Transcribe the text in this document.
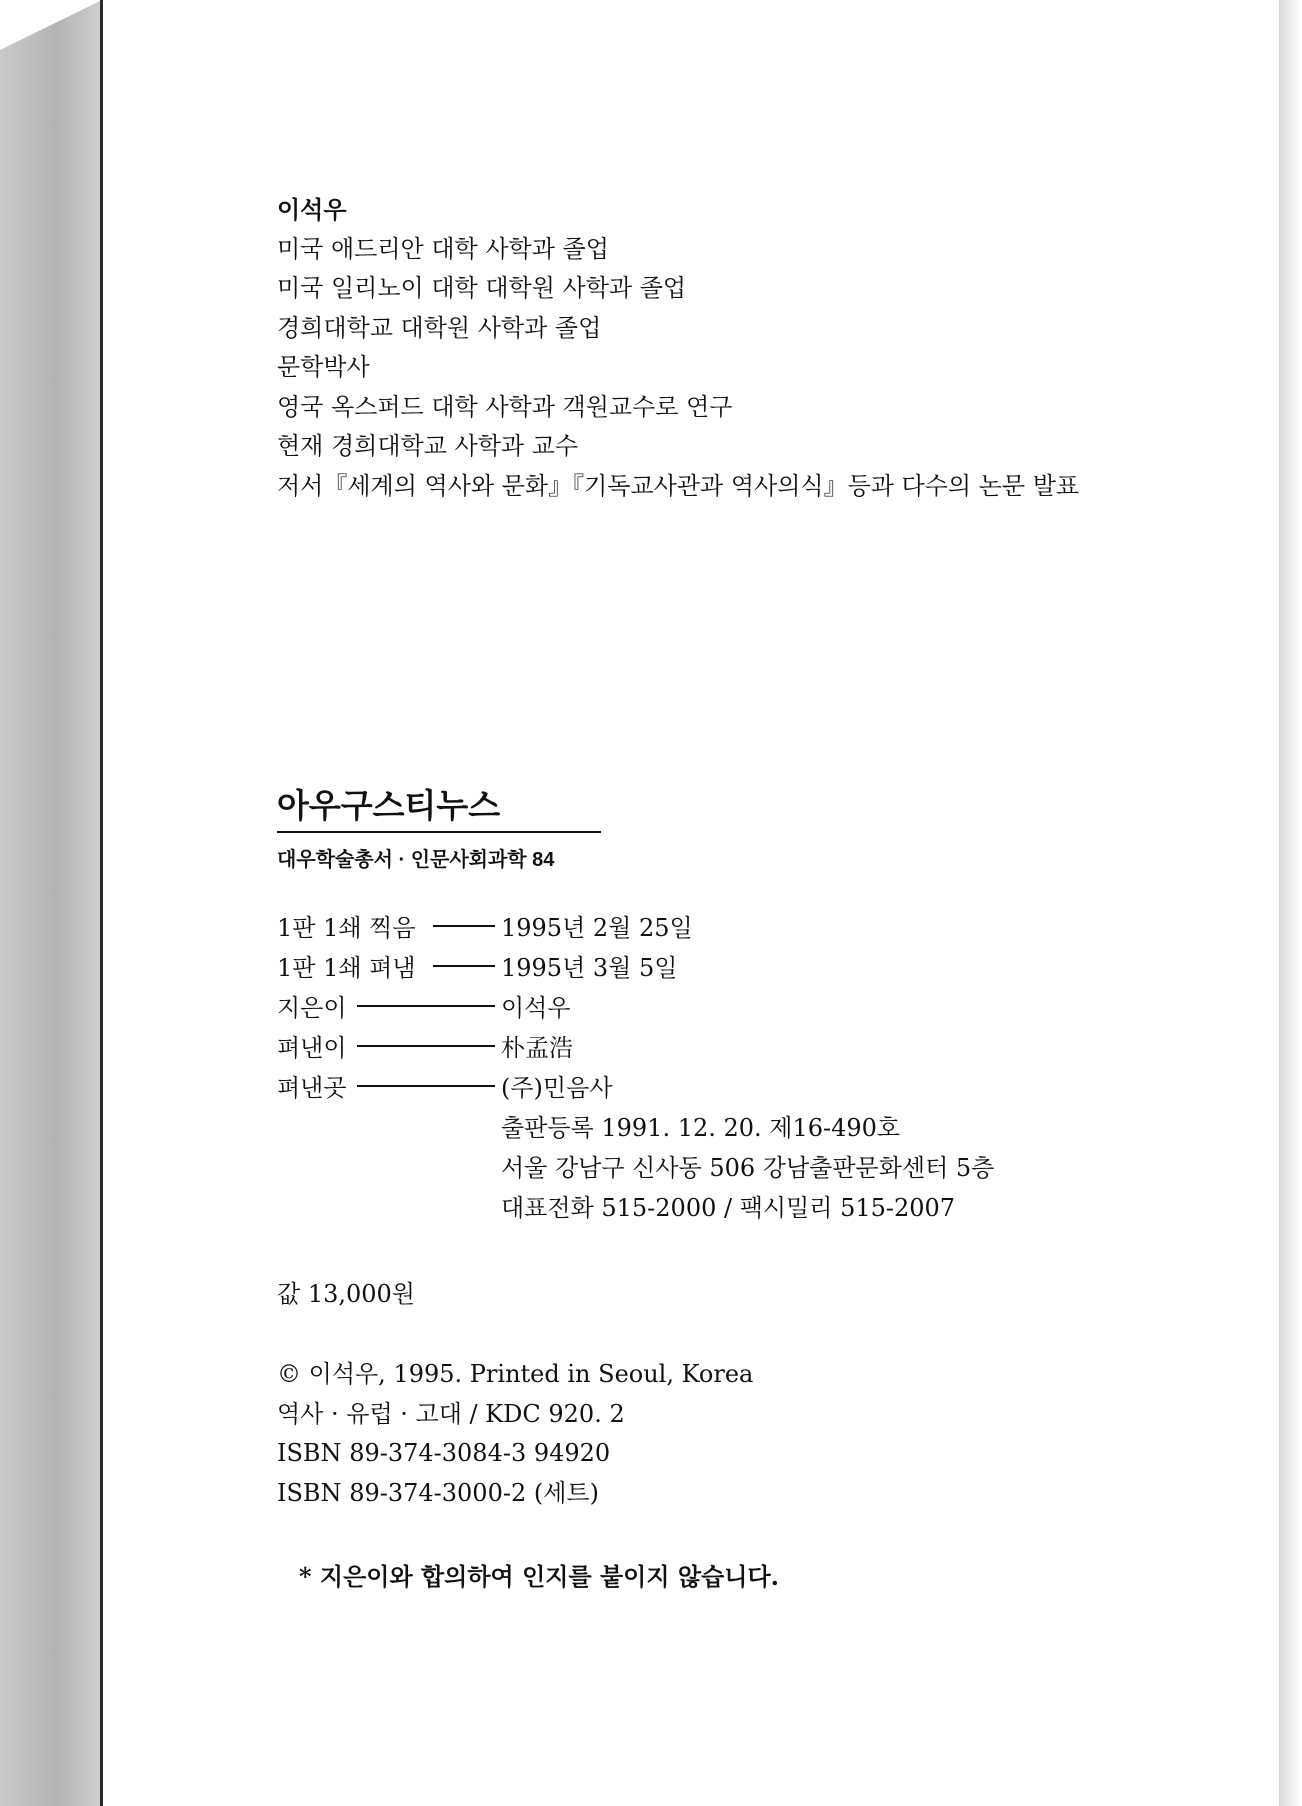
이석우
미국 애드리안 대학 사학과 졸업
미국 일리노이 대학 대학원 사학과 졸업
경희대학교 대학원 사학과 졸업
문학박사
영국 옥스퍼드 대학 사학과 객원교수로 연구
현재 경희대학교 사학과 교수
저서『세계의 역사와 문화』『기독교사관과 역사의식』등과 다수의 논문 발표
아우구스티누스
대우학술총서 · 인문사회과학 84
1판 1쇄 찍음	1995년 2월 25일
1판 1쇄 펴냄	1995년 3월 5일
지은이	이석우
펴낸이	朴孟浩
펴낸곳	(주)민음사
출판등록 1991. 12. 20. 제16-490호
서울 강남구 신사동 506 강남출판문화센터 5층
대표전화 515-2000 / 팩시밀리 515-2007
값 13,000원
© 이석우, 1995. Printed in Seoul, Korea
역사 · 유럽 · 고대 / KDC 920. 2
ISBN 89-374-3084-3 94920
ISBN 89-374-3000-2 (세트)
* 지은이와 합의하여 인지를 붙이지 않습니다.
